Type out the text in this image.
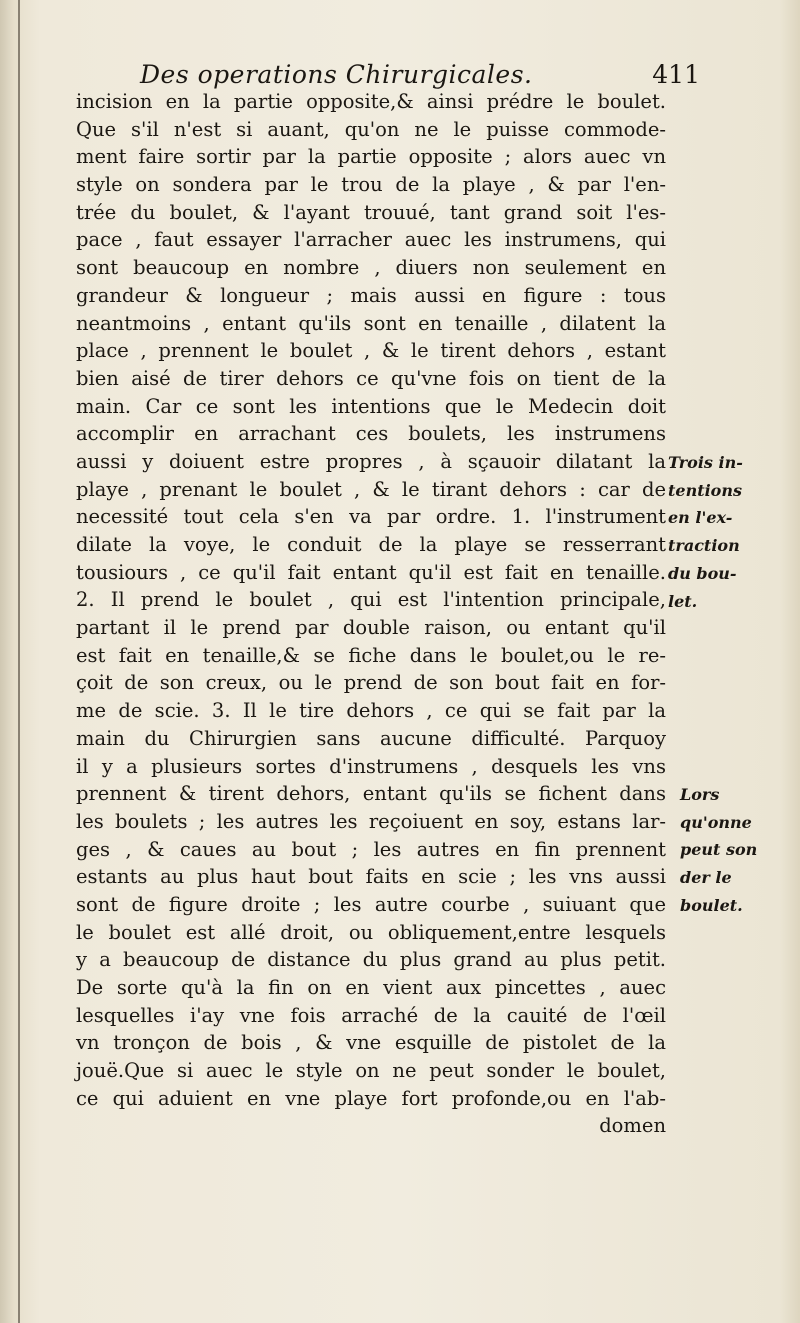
Des operations Chirurgicales.	411
incision en la partie opposite,& ainsi prédre le boulet.
Que s'il n'est si auant, qu'on ne le puisse commode-
ment faire sortir par la partie opposite ; alors auec vn
style on sondera par le trou de la playe , & par l'en-
trée du boulet, & l'ayant trouué, tant grand soit l'es-
pace , faut essayer l'arracher auec les instrumens, qui
sont beaucoup en nombre , diuers non seulement en
grandeur & longueur ; mais aussi en figure : tous
neantmoins , entant qu'ils sont en tenaille , dilatent la
place , prennent le boulet , & le tirent dehors , estant
bien aisé de tirer dehors ce qu'vne fois on tient de la
main. Car ce sont les intentions que le Medecin doit
accomplir en arrachant ces boulets, les instrumens
aussi y doiuent estre propres , à sçauoir dilatant la
playe , prenant le boulet , & le tirant dehors : car de
necessité tout cela s'en va par ordre. 1. l'instrument
dilate la voye, le conduit de la playe se resserrant
tousiours , ce qu'il fait entant qu'il est fait en tenaille.
2. Il prend le boulet , qui est l'intention principale,
partant il le prend par double raison, ou entant qu'il
est fait en tenaille,& se fiche dans le boulet,ou le re-
çoit de son creux, ou le prend de son bout fait en for-
me de scie. 3. Il le tire dehors , ce qui se fait par la
main du Chirurgien sans aucune difficulté. Parquoy
il y a plusieurs sortes d'instrumens , desquels les vns
prennent & tirent dehors, entant qu'ils se fichent dans
les boulets ; les autres les reçoiuent en soy, estans lar-
ges , & caues au bout ; les autres en fin prennent
estants au plus haut bout faits en scie ; les vns aussi
sont de figure droite ; les autre courbe , suiuant que
le boulet est allé droit, ou obliquement,entre lesquels
y a beaucoup de distance du plus grand au plus petit.
De sorte qu'à la fin on en vient aux pincettes , auec
lesquelles i'ay vne fois arraché de la cauité de l'œil
vn tronçon de bois , & vne esquille de pistolet de la
jouë.Que si auec le style on ne peut sonder le boulet,
ce qui aduient en vne playe fort profonde,ou en l'ab-
domen
Trois in-
tentions
en l'ex-
traction
du bou-
let.
Lors
qu'onne
peut son
der le
boulet.
